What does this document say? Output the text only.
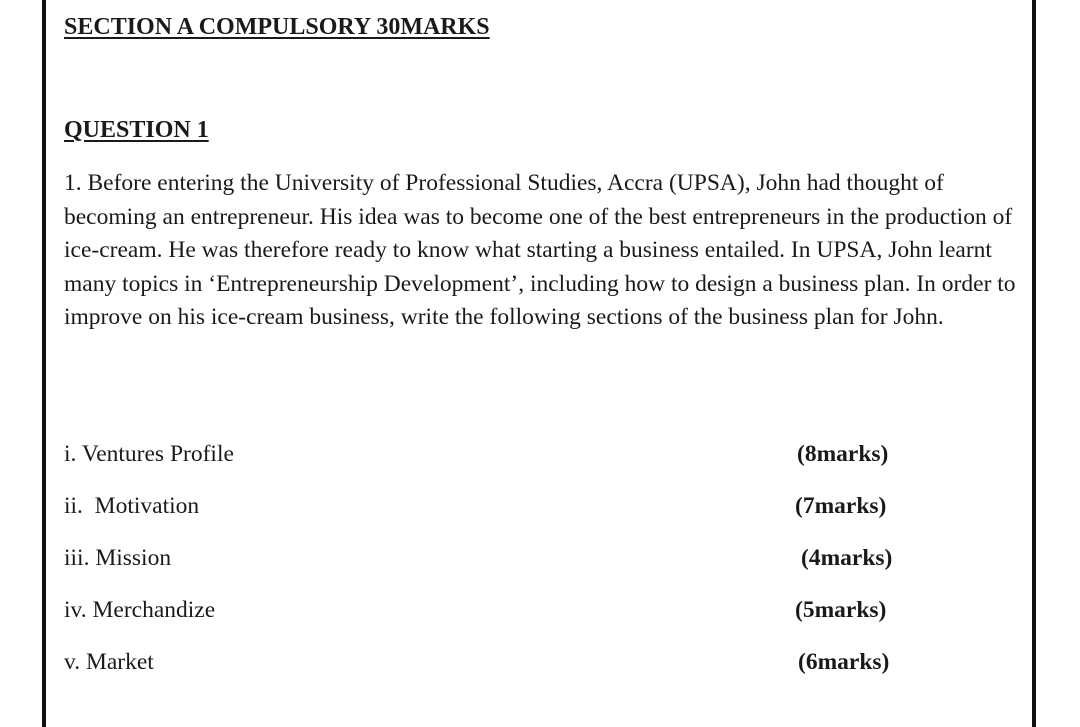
SECTION A COMPULSORY 30MARKS
QUESTION 1

1. Before entering the University of Professional Studies, Accra (UPSA), John had thought of becoming an entrepreneur. His idea was to become one of the best entrepreneurs in the production of ice-cream. He was therefore ready to know what starting a business entailed. In UPSA, John learnt many topics in ‘Entrepreneurship Development’, including how to design a business plan. In order to improve on his ice-cream business, write the following sections of the business plan for John.

i. Ventures Profile	(8marks)
ii.  Motivation	(7marks)
iii. Mission	(4marks)
iv. Merchandize	(5marks)
v. Market	(6marks)
